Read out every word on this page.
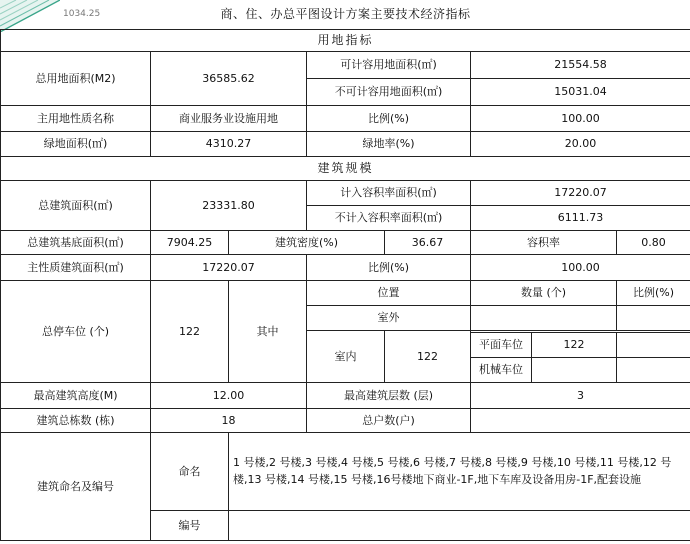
1034.25	商、住、办总平图设计方案主要技术经济指标							
用地指标							
总用地面积(M2)	36585.62		可计容用地面积(㎡)		21554.58		
			不可计容用地面积(㎡)		15031.04		
主用地性质名称	商业服务业设施用地		比例(%)		100.00		
绿地面积(㎡)	4310.27		绿地率(%)		20.00		
建筑规模							
总建筑面积(㎡)	23331.80		计入容积率面积(㎡)		17220.07		
			不计入容积率面积(㎡)		6111.73		
总建筑基底面积(㎡)	7904.25	建筑密度(%)		36.67	容积率		0.80
主性质建筑面积(㎡)	17220.07		比例(%)		100.00		
总停车位 (个)	122	其中	位置		数量 (个)		比例(%)
			室外				
			室内	122			
					平面车位	122	
					机械车位		
最高建筑高度(M)	12.00		最高建筑层数 (层)		3		
建筑总栋数 (栋)	18		总户数(户)				
建筑命名及编号	命名	1 号楼,2 号楼,3 号楼,4 号楼,5 号楼,6 号楼,7 号楼,8 号楼,9 号楼,10 号楼,11 号楼,12 号楼,13 号楼,14 号楼,15 号楼,16号楼地下商业-1F,地下车库及设备用房-1F,配套设施					
	编号						
